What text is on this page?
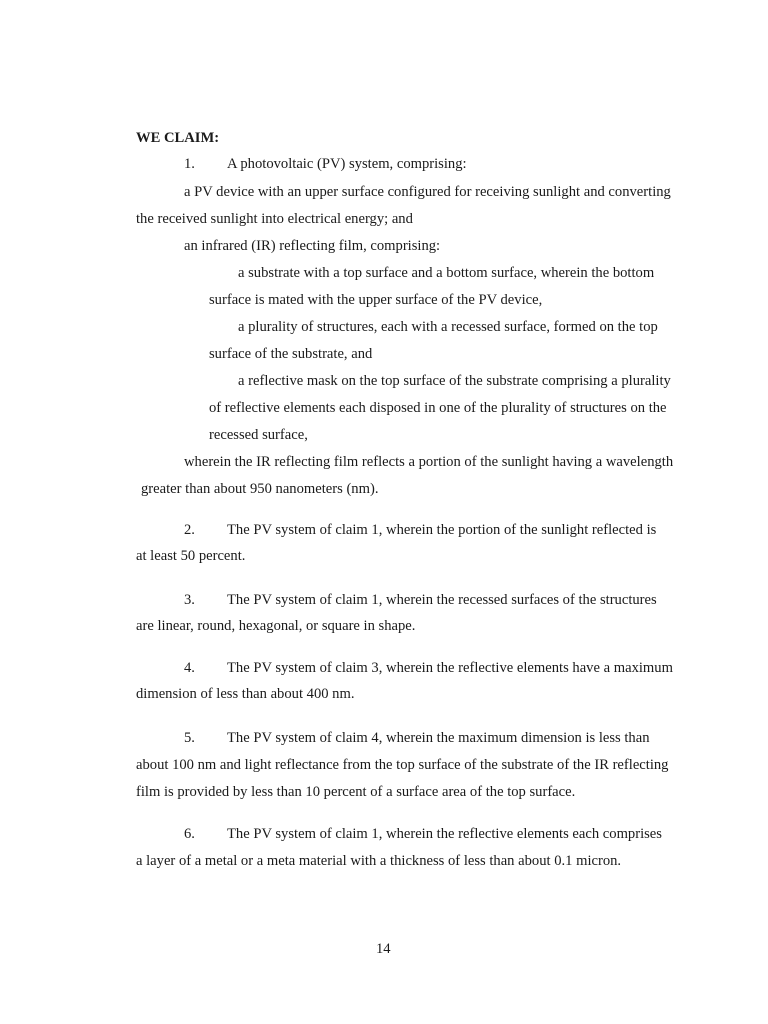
WE CLAIM:
1. A photovoltaic (PV) system, comprising:
a PV device with an upper surface configured for receiving sunlight and converting
the received sunlight into electrical energy; and
an infrared (IR) reflecting film, comprising:
a substrate with a top surface and a bottom surface, wherein the bottom
surface is mated with the upper surface of the PV device,
a plurality of structures, each with a recessed surface, formed on the top
surface of the substrate, and
a reflective mask on the top surface of the substrate comprising a plurality
of reflective elements each disposed in one of the plurality of structures on the
recessed surface,
wherein the IR reflecting film reflects a portion of the sunlight having a wavelength
greater than about 950 nanometers (nm).
2. The PV system of claim 1, wherein the portion of the sunlight reflected is
at least 50 percent.
3. The PV system of claim 1, wherein the recessed surfaces of the structures
are linear, round, hexagonal, or square in shape.
4. The PV system of claim 3, wherein the reflective elements have a maximum
dimension of less than about 400 nm.
5. The PV system of claim 4, wherein the maximum dimension is less than
about 100 nm and light reflectance from the top surface of the substrate of the IR reflecting
film is provided by less than 10 percent of a surface area of the top surface.
6. The PV system of claim 1, wherein the reflective elements each comprises
a layer of a metal or a meta material with a thickness of less than about 0.1 micron.
14
